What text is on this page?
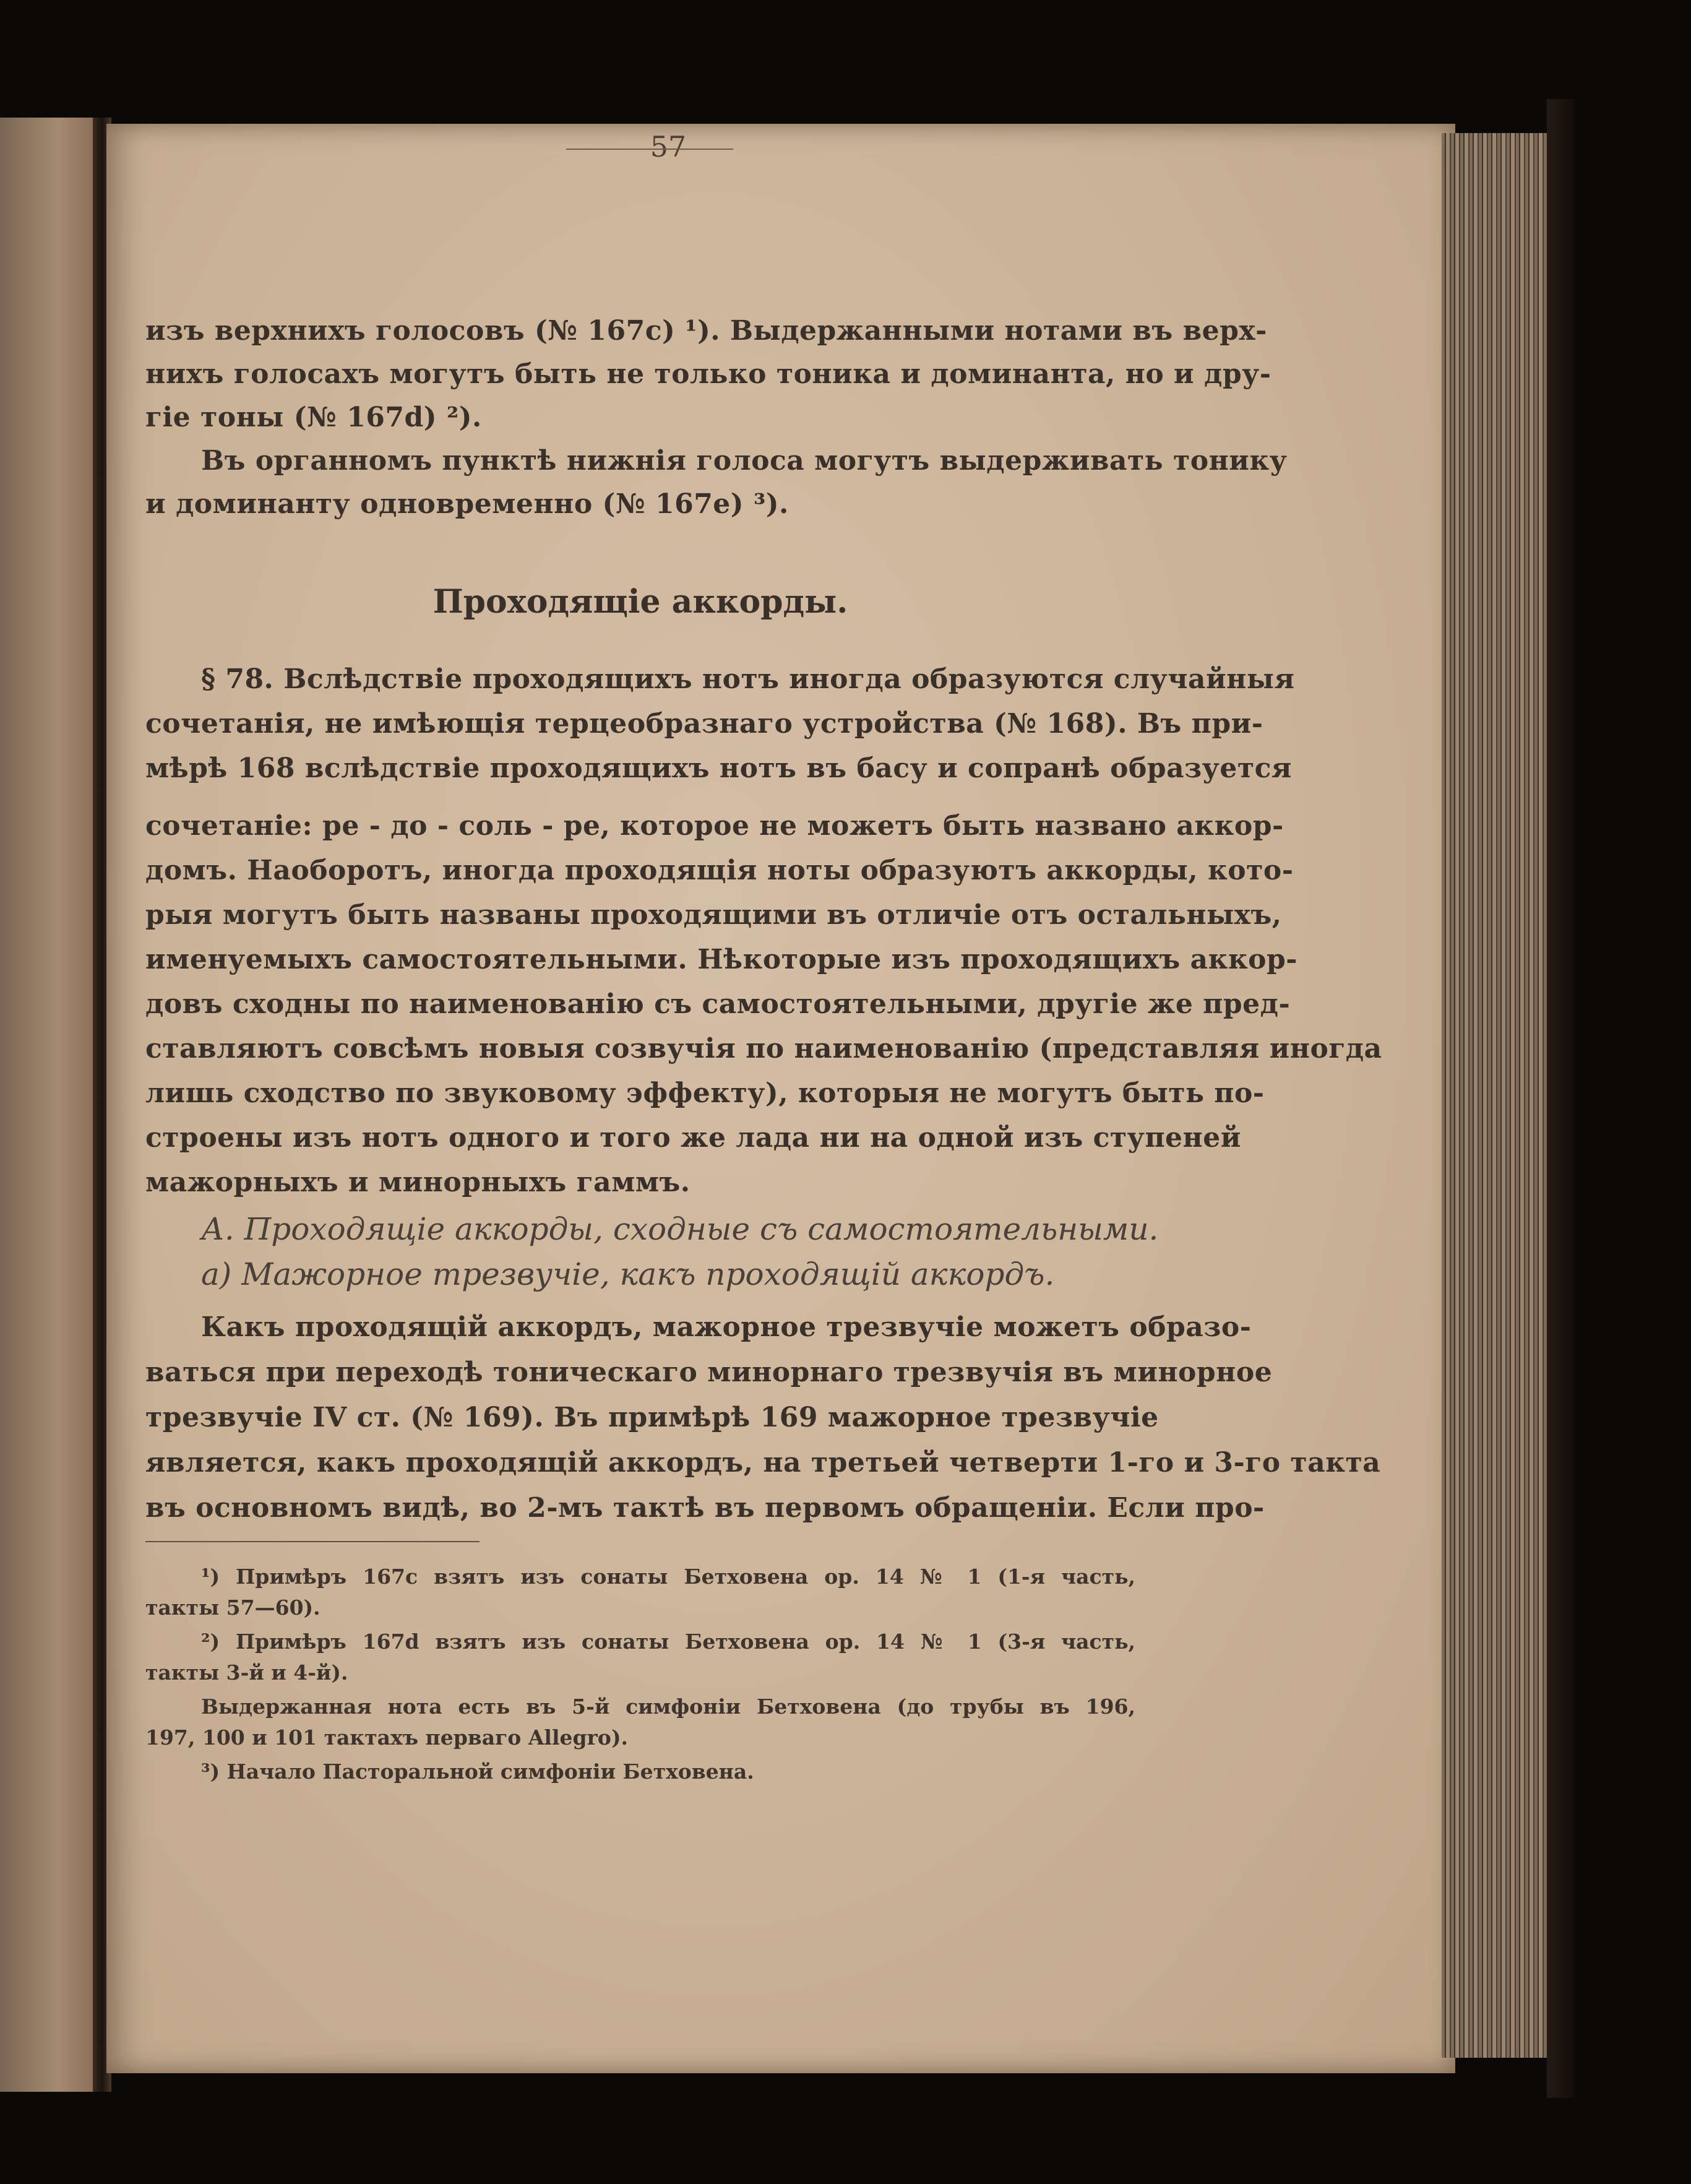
57
изъ верхнихъ голосовъ (№ 167c) ¹). Выдержанными нотами въ верх-
нихъ голосахъ могутъ быть не только тоника и доминанта, но и дру-
гіе тоны (№ 167d) ²).
Въ органномъ пунктѣ нижнія голоса могутъ выдерживать тонику
и доминанту одновременно (№ 167e) ³).
Проходящіе аккорды.
§ 78. Вслѣдствіе проходящихъ нотъ иногда образуются случайныя
сочетанія, не имѣющія терцеобразнаго устройства (№ 168). Въ при-
мѣрѣ 168 вслѣдствіе проходящихъ нотъ въ басу и сопранѣ образуется
сочетаніе: ре - до - соль - ре, которое не можетъ быть названо аккор-
домъ. Наоборотъ, иногда проходящія ноты образуютъ аккорды, кото-
рыя могутъ быть названы проходящими въ отличіе отъ остальныхъ,
именуемыхъ самостоятельными. Нѣкоторые изъ проходящихъ аккор-
довъ сходны по наименованію съ самостоятельными, другіе же пред-
ставляютъ совсѣмъ новыя созвучія по наименованію (представляя иногда
лишь сходство по звуковому эффекту), которыя не могутъ быть по-
строены изъ нотъ одного и того же лада ни на одной изъ ступеней
мажорныхъ и минорныхъ гаммъ.
А. Проходящіе аккорды, сходные съ самостоятельными.
а) Мажорное трезвучіе, какъ проходящій аккордъ.
Какъ проходящій аккордъ, мажорное трезвучіе можетъ образо-
ваться при переходѣ тоническаго минорнаго трезвучія въ минорное
трезвучіе IV ст. (№ 169). Въ примѣрѣ 169 мажорное трезвучіе
является, какъ проходящій аккордъ, на третьей четверти 1-го и 3-го такта
въ основномъ видѣ, во 2-мъ тактѣ въ первомъ обращеніи. Если про-
¹) Примѣръ 167c взятъ изъ сонаты Бетховена op. 14 № 1 (1-я часть,
такты 57—60).
²) Примѣръ 167d взятъ изъ сонаты Бетховена op. 14 № 1 (3-я часть,
такты 3-й и 4-й).
Выдержанная нота есть въ 5-й симфоніи Бетховена (до трубы въ 196,
197, 100 и 101 тактахъ перваго Allegro).
³) Начало Пасторальной симфоніи Бетховена.
